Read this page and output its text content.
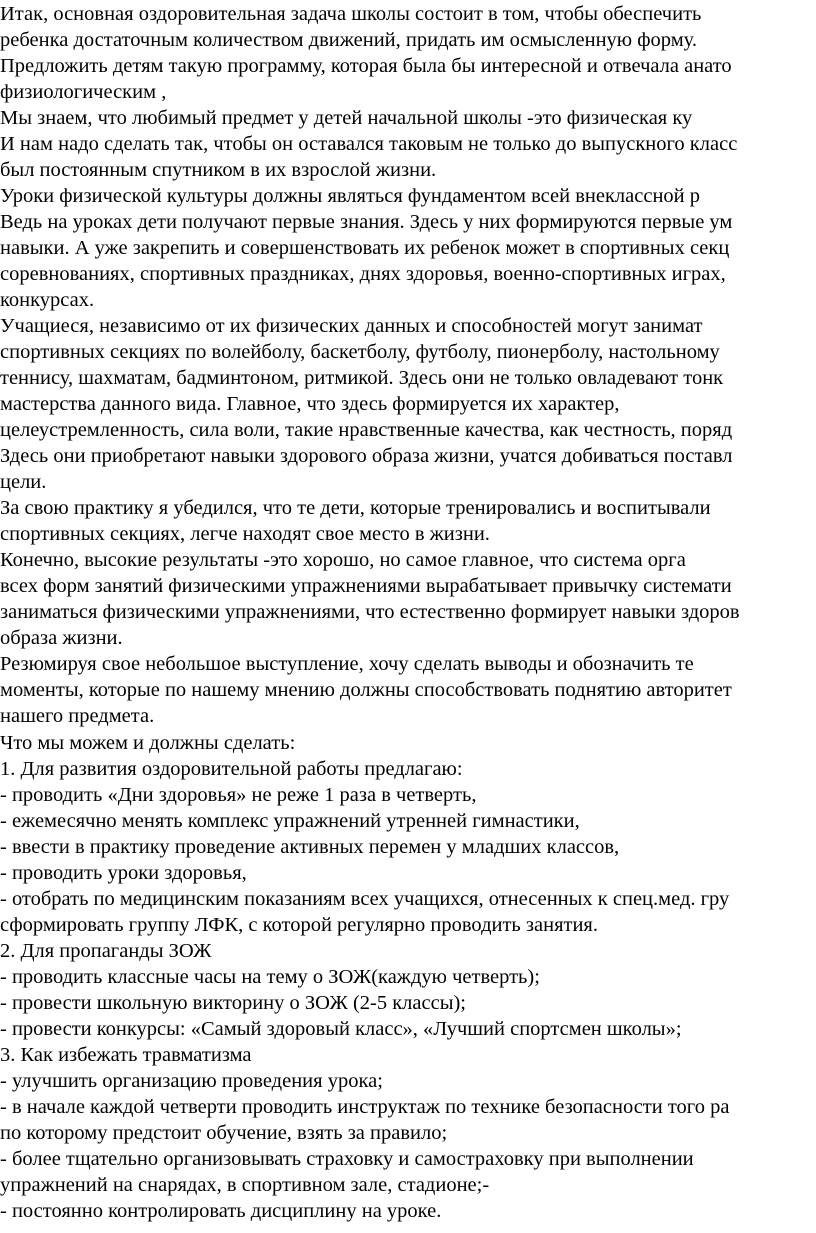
Итак, основная оздоровительная задача школы состоит в том, чтобы обеспечить
ребенка достаточным количеством движений, придать им осмысленную форму.
Предложить детям такую программу, которая была бы интересной и отвечала анато
физиологическим ,
Мы знаем, что любимый предмет у детей начальной школы -это физическая ку
И нам надо сделать так, чтобы он оставался таковым не только до выпускного класс
был постоянным спутником в их взрослой жизни.
Уроки физической культуры должны являться фундаментом всей внеклассной р
Ведь на уроках дети получают первые знания. Здесь у них формируются первые ум
навыки. А уже закрепить и совершенствовать их ребенок может в спортивных секц
соревнованиях, спортивных праздниках, днях здоровья, военно-спортивных играх,
конкурсах.
Учащиеся, независимо от их физических данных и способностей могут занимат
спортивных секциях по волейболу, баскетболу, футболу, пионерболу, настольному
теннису, шахматам, бадминтоном, ритмикой. Здесь они не только овладевают тонк
мастерства данного вида. Главное, что здесь формируется их характер,
целеустремленность, сила воли, такие нравственные качества, как честность, поряд
Здесь они приобретают навыки здорового образа жизни, учатся добиваться поставл
цели.
За свою практику я убедился, что те дети, которые тренировались и воспитывали
спортивных секциях, легче находят свое место в жизни.
Конечно, высокие результаты -это хорошо, но самое главное, что система орга
всех форм занятий физическими упражнениями вырабатывает привычку системати
заниматься физическими упражнениями, что естественно формирует навыки здоров
образа жизни.
Резюмируя свое небольшое выступление, хочу сделать выводы и обозначить те
моменты, которые по нашему мнению должны способствовать поднятию авторитет
нашего предмета.
Что мы можем и должны сделать:
1. Для развития оздоровительной работы предлагаю:
- проводить «Дни здоровья» не реже 1 раза в четверть,
- ежемесячно менять комплекс упражнений утренней гимнастики,
- ввести в практику проведение активных перемен у младших классов,
- проводить уроки здоровья,
- отобрать по медицинским показаниям всех учащихся, отнесенных к спец.мед. гру
сформировать группу ЛФК, с которой регулярно проводить занятия.
2. Для пропаганды ЗОЖ
- проводить классные часы на тему о ЗОЖ(каждую четверть);
- провести школьную викторину о ЗОЖ (2-5 классы);
- провести конкурсы: «Самый здоровый класс», «Лучший спортсмен школы»;
3. Как избежать травматизма
- улучшить организацию проведения урока;
- в начале каждой четверти проводить инструктаж по технике безопасности того ра
по которому предстоит обучение, взять за правило;
- более тщательно организовывать страховку и самостраховку при выполнении
упражнений на снарядах, в спортивном зале, стадионе;-
- постоянно контролировать дисциплину на уроке.
